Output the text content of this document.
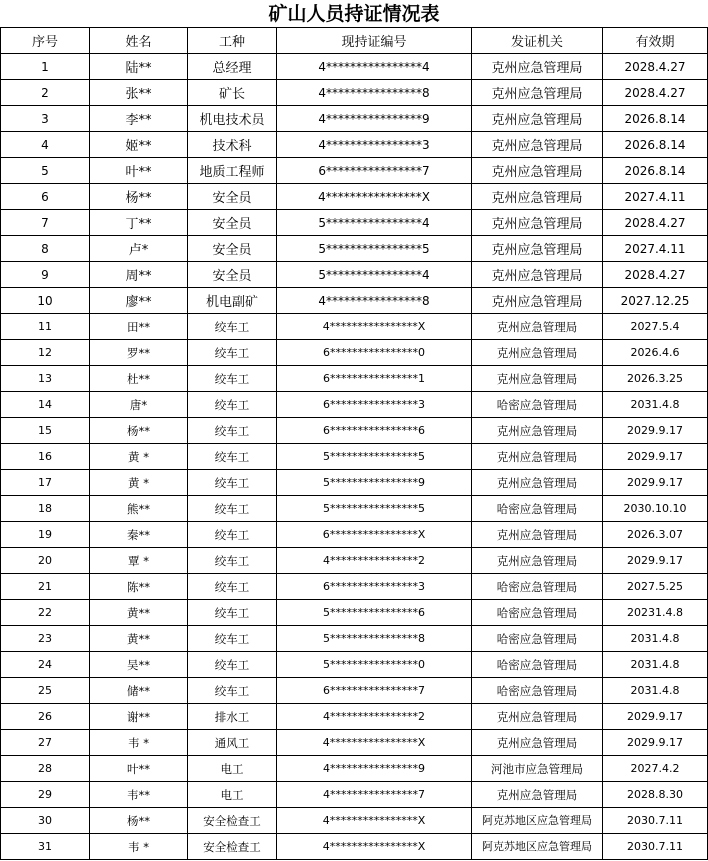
矿山人员持证情况表
序号	姓名	工种	现持证编号	发证机关	有效期
1	陆**	总经理	4****************4	克州应急管理局	2028.4.27
2	张**	矿长	4****************8	克州应急管理局	2028.4.27
3	李**	机电技术员	4****************9	克州应急管理局	2026.8.14
4	姬**	技术科	4****************3	克州应急管理局	2026.8.14
5	叶**	地质工程师	6****************7	克州应急管理局	2026.8.14
6	杨**	安全员	4****************X	克州应急管理局	2027.4.11
7	丁**	安全员	5****************4	克州应急管理局	2028.4.27
8	卢*	安全员	5****************5	克州应急管理局	2027.4.11
9	周**	安全员	5****************4	克州应急管理局	2028.4.27
10	廖**	机电副矿	4****************8	克州应急管理局	2027.12.25
11	田**	绞车工	4****************X	克州应急管理局	2027.5.4
12	罗**	绞车工	6****************0	克州应急管理局	2026.4.6
13	杜**	绞车工	6****************1	克州应急管理局	2026.3.25
14	唐*	绞车工	6****************3	哈密应急管理局	2031.4.8
15	杨**	绞车工	6****************6	克州应急管理局	2029.9.17
16	黄 *	绞车工	5****************5	克州应急管理局	2029.9.17
17	黄 *	绞车工	5****************9	克州应急管理局	2029.9.17
18	熊**	绞车工	5****************5	哈密应急管理局	2030.10.10
19	秦**	绞车工	6****************X	克州应急管理局	2026.3.07
20	覃 *	绞车工	4****************2	克州应急管理局	2029.9.17
21	陈**	绞车工	6****************3	哈密应急管理局	2027.5.25
22	黄**	绞车工	5****************6	哈密应急管理局	20231.4.8
23	黄**	绞车工	5****************8	哈密应急管理局	2031.4.8
24	吴**	绞车工	5****************0	哈密应急管理局	2031.4.8
25	储**	绞车工	6****************7	哈密应急管理局	2031.4.8
26	谢**	排水工	4****************2	克州应急管理局	2029.9.17
27	韦 *	通风工	4****************X	克州应急管理局	2029.9.17
28	叶**	电工	4****************9	河池市应急管理局	2027.4.2
29	韦**	电工	4****************7	克州应急管理局	2028.8.30
30	杨**	安全检查工	4****************X	阿克苏地区应急管理局	2030.7.11
31	韦 *	安全检查工	4****************X	阿克苏地区应急管理局	2030.7.11
